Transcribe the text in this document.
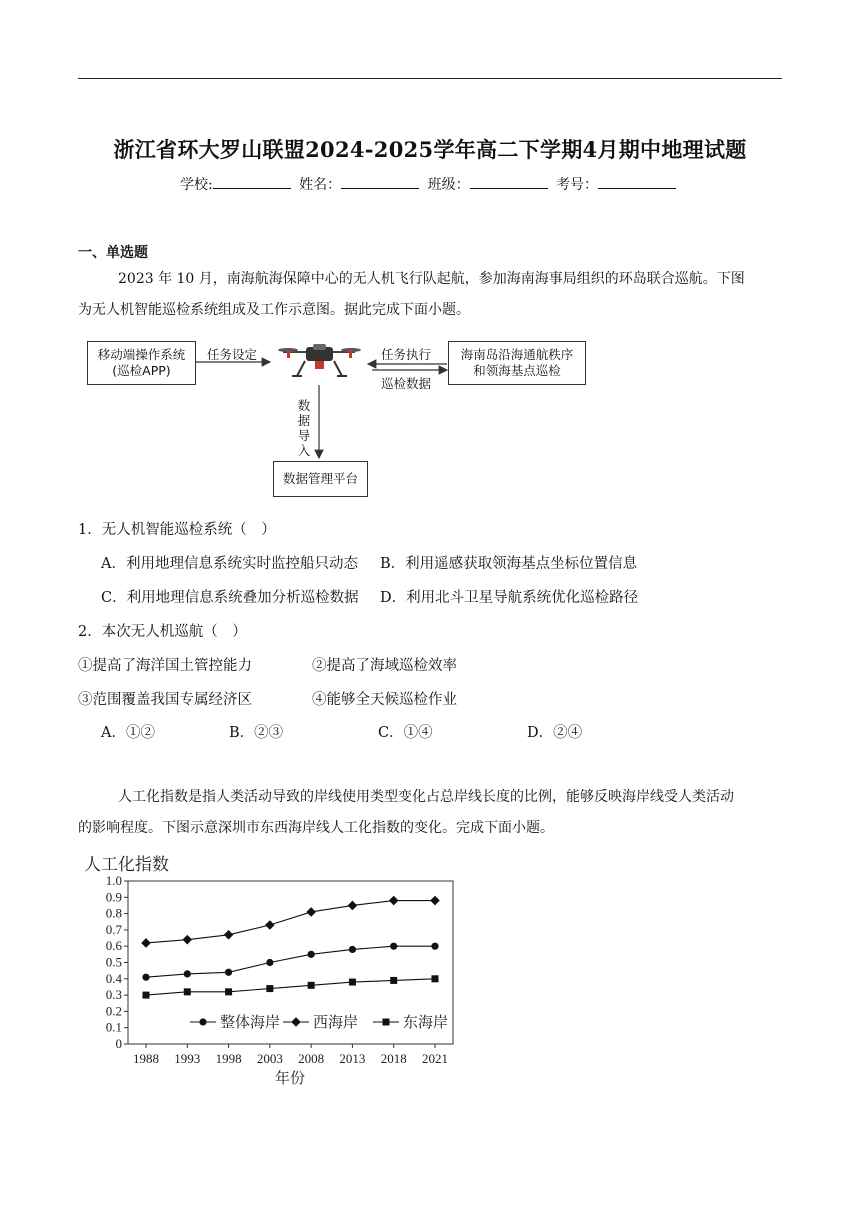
浙江省环大罗山联盟2024-2025学年高二下学期4月期中地理试题
学校:	姓名：	班级：	考号：
一、单选题
2023 年 10 月，南海航海保障中心的无人机飞行队起航，参加海南海事局组织的环岛联合巡航。下图
为无人机智能巡检系统组成及工作示意图。据此完成下面小题。
移动端操作系统
(巡检APP)
任务设定	任务执行
巡检数据
海南岛沿海通航秩序
和领海基点巡检
数
据
导
入
数据管理平台
1．无人机智能巡检系统（　）
A．利用地理信息系统实时监控船只动态 B．利用遥感获取领海基点坐标位置信息
C．利用地理信息系统叠加分析巡检数据 D．利用北斗卫星导航系统优化巡检路径
2．本次无人机巡航（　）
①提高了海洋国土管控能力	②提高了海域巡检效率
③范围覆盖我国专属经济区	④能够全天候巡检作业
A．①②	B．②③	C．①④	D．②④
人工化指数是指人类活动导致的岸线使用类型变化占总岸线长度的比例，能够反映海岸线受人类活动
的影响程度。下图示意深圳市东西海岸线人工化指数的变化。完成下面小题。
人工化指数
0
0.1
0.2
0.3
0.4
0.5
0.6
0.7
0.8
0.9
1.0
1988 1993 1998 2003 2008 2013 2018 2021
年份
整体海岸 西海岸	东海岸
